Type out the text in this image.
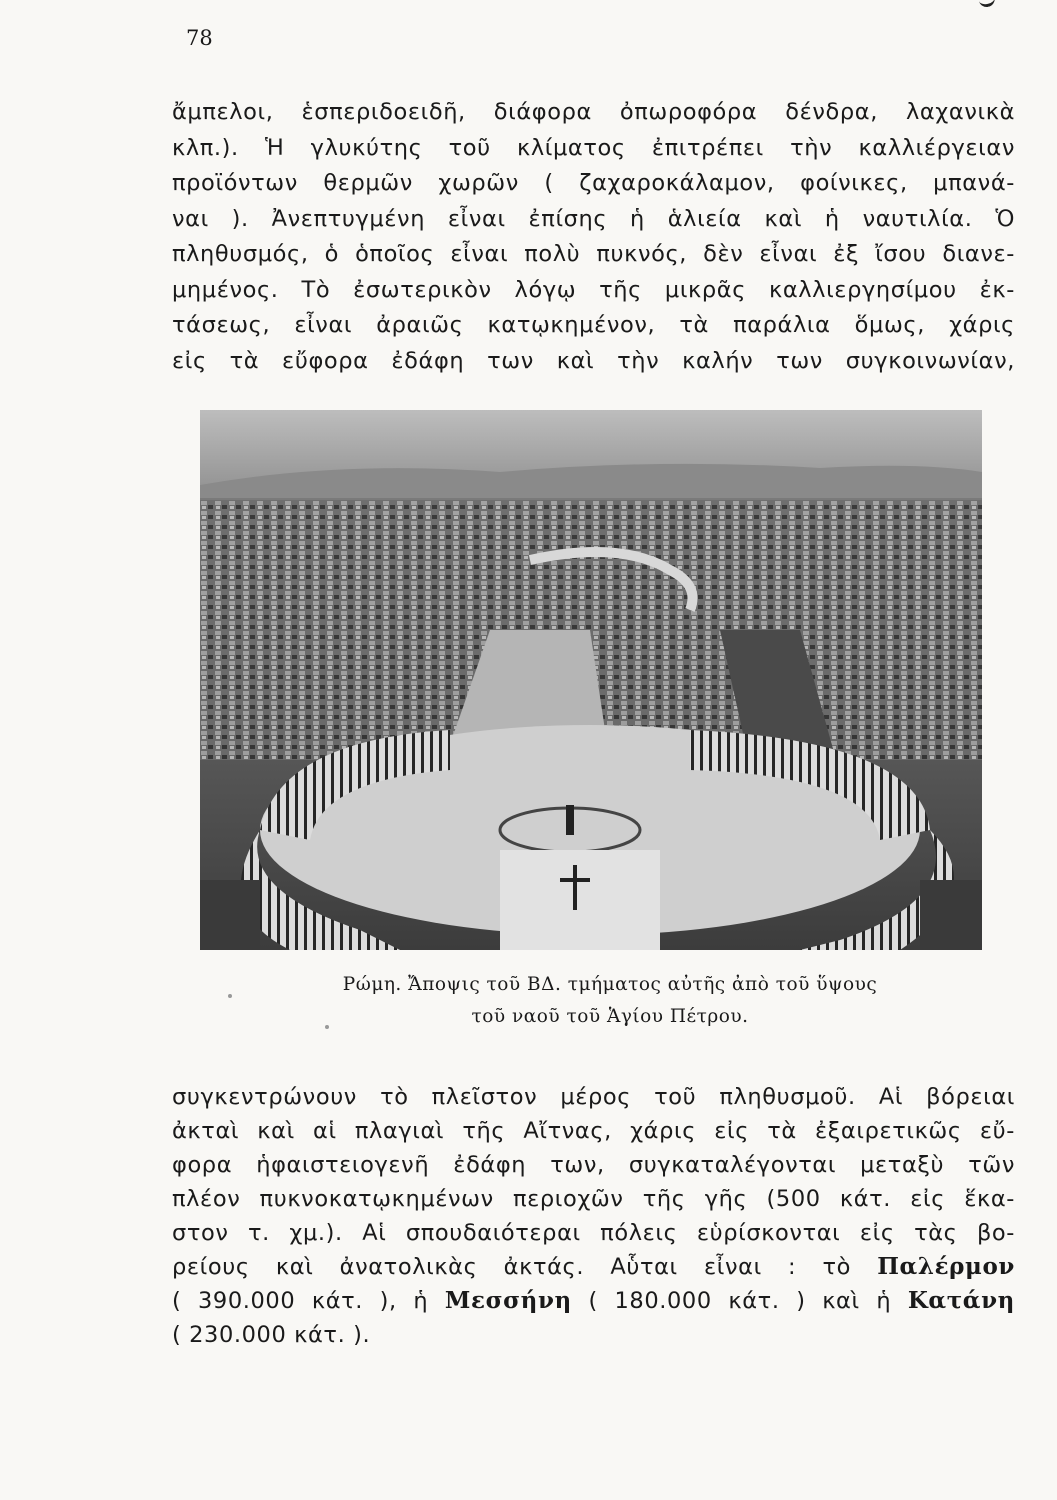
78
ἄμπελοι, ἑσπεριδοειδῆ, διάφορα ὀπωροφόρα δένδρα, λαχανικὰ
κλπ.). Ἡ γλυκύτης τοῦ κλίματος ἐπιτρέπει τὴν καλλιέργειαν
προϊόντων θερμῶν χωρῶν ( ζαχαροκάλαμον, φοίνικες, μπανά-
ναι ). Ἀνεπτυγμένη εἶναι ἐπίσης ἡ ἁλιεία καὶ ἡ ναυτιλία. Ὁ
πληθυσμός, ὁ ὁποῖος εἶναι πολὺ πυκνός, δὲν εἶναι ἐξ ἴσου διανε-
μημένος. Τὸ ἐσωτερικὸν λόγῳ τῆς μικρᾶς καλλιεργησίμου ἐκ-
τάσεως, εἶναι ἀραιῶς κατῳκημένον, τὰ παράλια ὅμως, χάρις
εἰς τὰ εὔφορα ἐδάφη των καὶ τὴν καλήν των συγκοινωνίαν,
Ρώμη. Ἄποψις τοῦ ΒΔ. τμήματος αὐτῆς ἀπὸ τοῦ ὕψους
τοῦ ναοῦ τοῦ Ἁγίου Πέτρου.
συγκεντρώνουν τὸ πλεῖστον μέρος τοῦ πληθυσμοῦ. Αἱ βόρειαι
ἀκταὶ καὶ αἱ πλαγιαὶ τῆς Αἴτνας, χάρις εἰς τὰ ἐξαιρετικῶς εὔ-
φορα ἡφαιστειογενῆ ἐδάφη των, συγκαταλέγονται μεταξὺ τῶν
πλέον πυκνοκατῳκημένων περιοχῶν τῆς γῆς (500 κάτ. εἰς ἕκα-
στον τ. χμ.). Αἱ σπουδαιότεραι πόλεις εὑρίσκονται εἰς τὰς βο-
ρείους καὶ ἀνατολικὰς ἀκτάς. Αὗται εἶναι : τὸ Παλέρμον
( 390.000 κάτ. ), ἡ Μεσσήνη ( 180.000 κάτ. ) καὶ ἡ Κατάνη
( 230.000 κάτ. ).
